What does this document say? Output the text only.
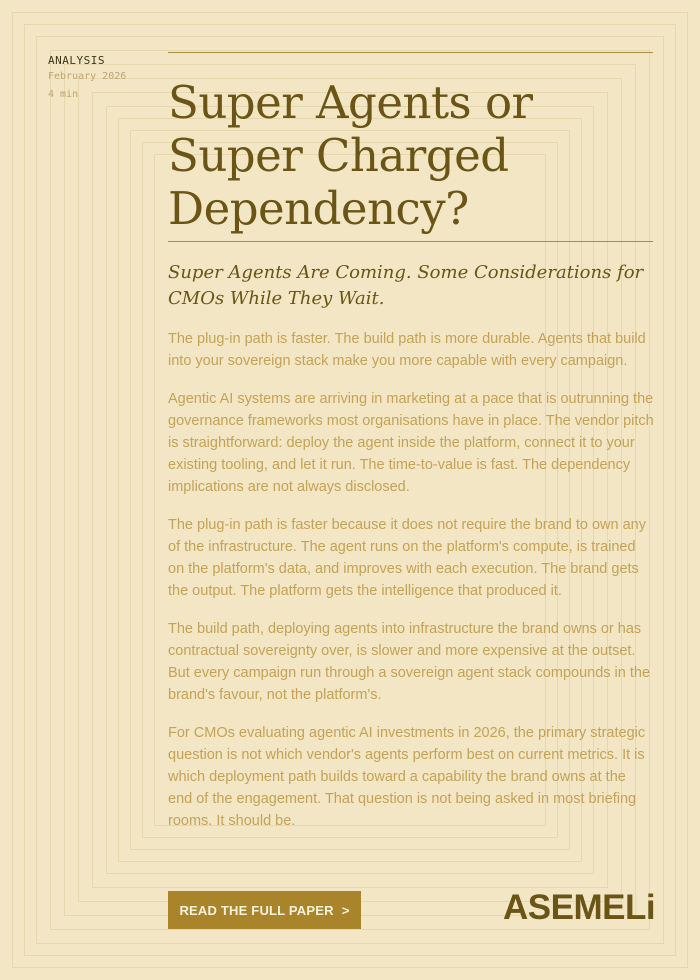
ANALYSIS
February 2026
4 min	Super Agents or Super Charged Dependency?
Super Agents Are Coming. Some Considerations for CMOs While They Wait.

The plug-in path is faster. The build path is more durable. Agents that build into your sovereign stack make you more capable with every campaign.

Agentic AI systems are arriving in marketing at a pace that is outrunning the governance frameworks most organisations have in place. The vendor pitch is straightforward: deploy the agent inside the platform, connect it to your existing tooling, and let it run. The time-to-value is fast. The dependency implications are not always disclosed.

The plug-in path is faster because it does not require the brand to own any of the infrastructure. The agent runs on the platform's compute, is trained on the platform's data, and improves with each execution. The brand gets the output. The platform gets the intelligence that produced it.

The build path, deploying agents into infrastructure the brand owns or has contractual sovereignty over, is slower and more expensive at the outset. But every campaign run through a sovereign agent stack compounds in the brand's favour, not the platform's.

For CMOs evaluating agentic AI investments in 2026, the primary strategic question is not which vendor's agents perform best on current metrics. It is which deployment path builds toward a capability the brand owns at the end of the engagement. That question is not being asked in most briefing rooms. It should be.

READ THE FULL PAPER >	ASEMELi
